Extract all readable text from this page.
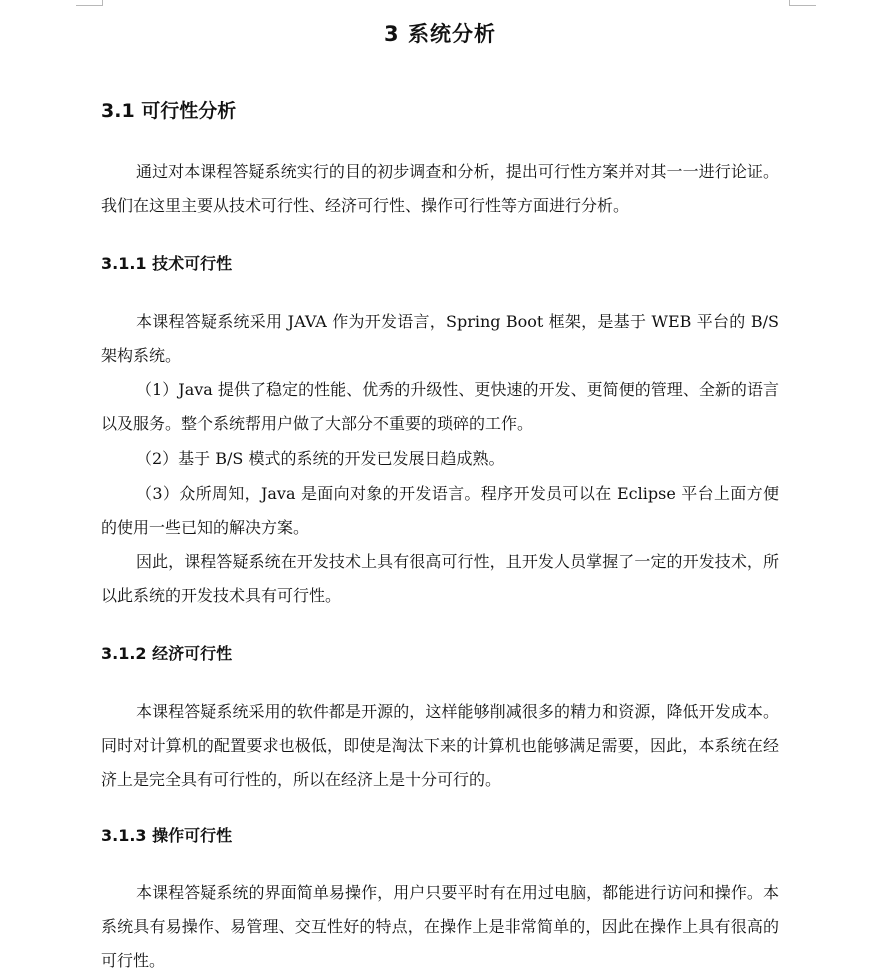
3 系统分析
3.1 可行性分析
通过对本课程答疑系统实行的目的初步调查和分析，提出可行性方案并对其一一进行论证。我们在这里主要从技术可行性、经济可行性、操作可行性等方面进行分析。
3.1.1 技术可行性
本课程答疑系统采用 JAVA 作为开发语言，Spring Boot 框架，是基于 WEB 平台的 B/S 架构系统。
（1）Java 提供了稳定的性能、优秀的升级性、更快速的开发、更简便的管理、全新的语言以及服务。整个系统帮用户做了大部分不重要的琐碎的工作。
（2）基于 B/S 模式的系统的开发已发展日趋成熟。
（3）众所周知，Java 是面向对象的开发语言。程序开发员可以在 Eclipse 平台上面方便的使用一些已知的解决方案。
因此，课程答疑系统在开发技术上具有很高可行性，且开发人员掌握了一定的开发技术，所以此系统的开发技术具有可行性。
3.1.2 经济可行性
本课程答疑系统采用的软件都是开源的，这样能够削减很多的精力和资源，降低开发成本。同时对计算机的配置要求也极低，即使是淘汰下来的计算机也能够满足需要，因此，本系统在经济上是完全具有可行性的，所以在经济上是十分可行的。
3.1.3 操作可行性
本课程答疑系统的界面简单易操作，用户只要平时有在用过电脑，都能进行访问和操作。本系统具有易操作、易管理、交互性好的特点，在操作上是非常简单的，因此在操作上具有很高的可行性。
